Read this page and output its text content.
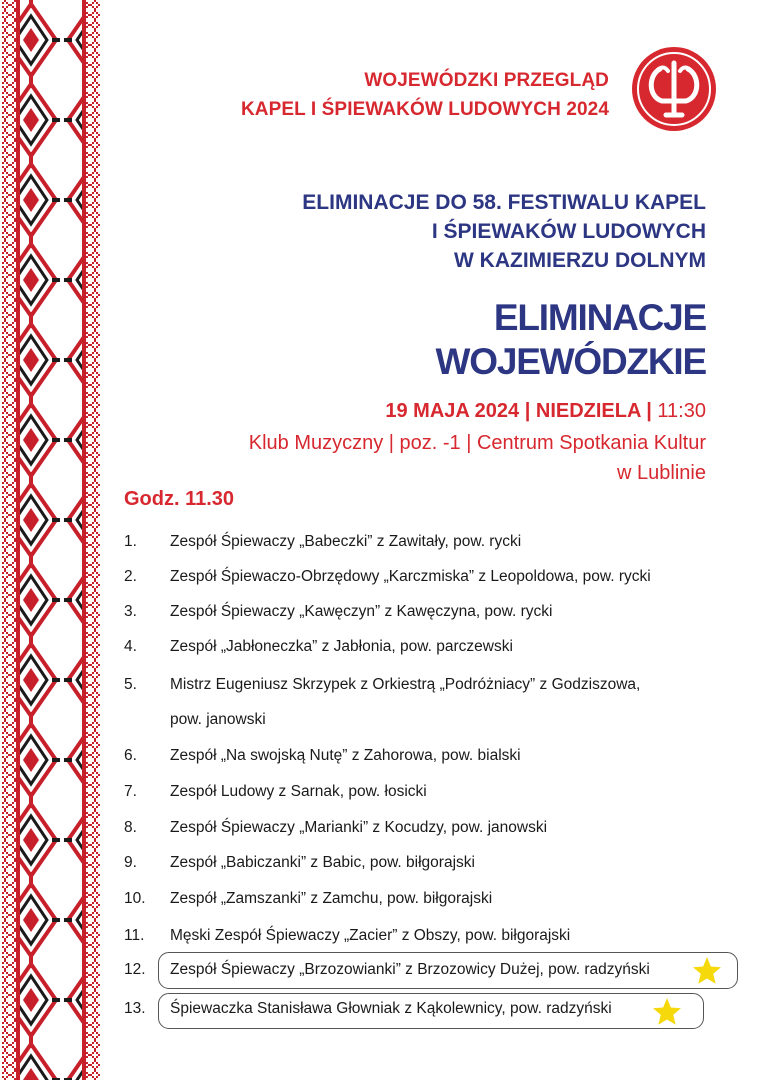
WOJEWÓDZKI PRZEGLĄD
KAPEL I ŚPIEWAKÓW LUDOWYCH 2024
ELIMINACJE DO 58. FESTIWALU KAPEL
I ŚPIEWAKÓW LUDOWYCH
W KAZIMIERZU DOLNYM
ELIMINACJE
WOJEWÓDZKIE
19 MAJA 2024 | NIEDZIELA | 11:30
Klub Muzyczny | poz. -1 | Centrum Spotkania Kultur
w Lublinie
Godz. 11.30
1. Zespół Śpiewaczy „Babeczki” z Zawitały, pow. rycki
2. Zespół Śpiewaczo-Obrzędowy „Karczmiska” z Leopoldowa, pow. rycki
3. Zespół Śpiewaczy „Kawęczyn” z Kawęczyna, pow. rycki
4. Zespół „Jabłoneczka” z Jabłonia, pow. parczewski
5. Mistrz Eugeniusz Skrzypek z Orkiestrą „Podróżniacy” z Godziszowa,
pow. janowski
6. Zespół „Na swojską Nutę” z Zahorowa, pow. bialski
7. Zespół Ludowy z Sarnak, pow. łosicki
8. Zespół Śpiewaczy „Marianki” z Kocudzy, pow. janowski
9. Zespół „Babiczanki” z Babic, pow. biłgorajski
10. Zespół „Zamszanki” z Zamchu, pow. biłgorajski
11. Męski Zespół Śpiewaczy „Zacier” z Obszy, pow. biłgorajski
12. Zespół Śpiewaczy „Brzozowianki” z Brzozowicy Dużej, pow. radzyński
13. Śpiewaczka Stanisława Głowniak z Kąkolewnicy, pow. radzyński
